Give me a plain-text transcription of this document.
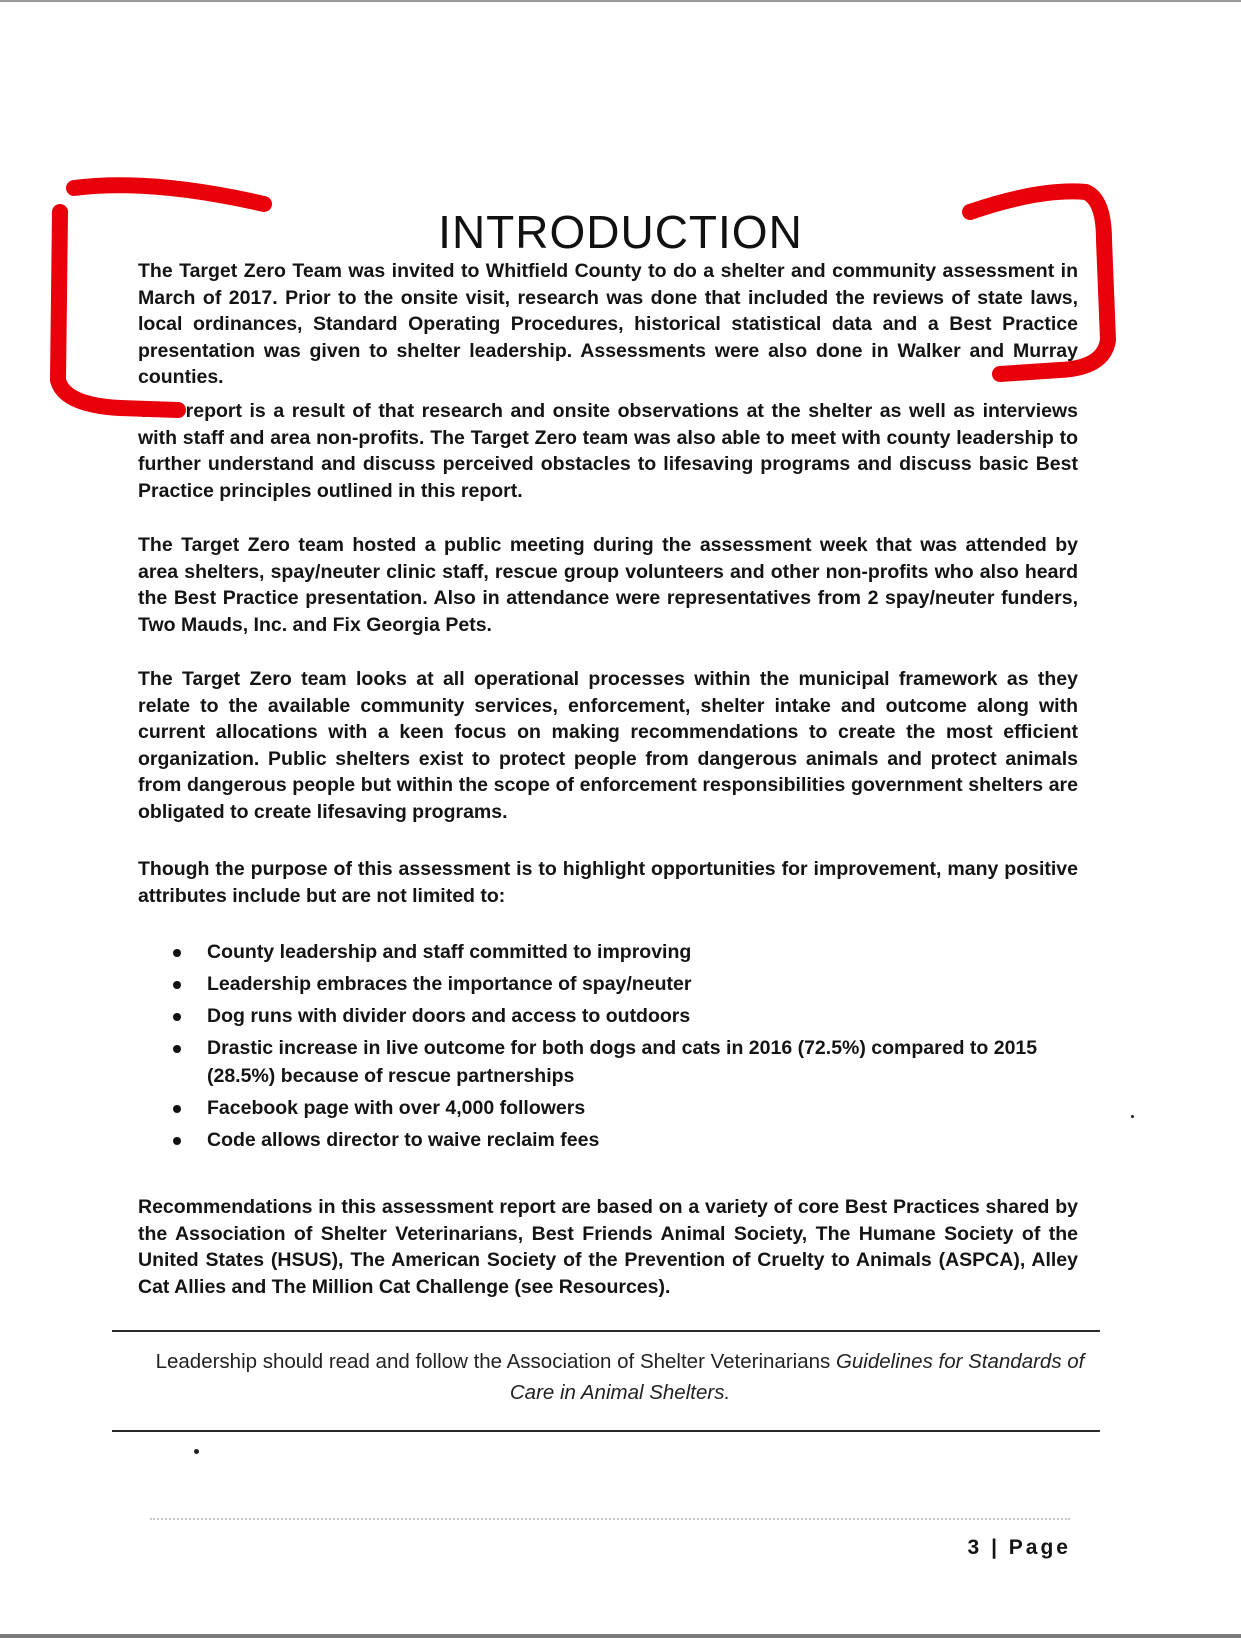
INTRODUCTION

The Target Zero Team was invited to Whitfield County to do a shelter and community assessment in March of 2017. Prior to the onsite visit, research was done that included the reviews of state laws, local ordinances, Standard Operating Procedures, historical statistical data and a Best Practice presentation was given to shelter leadership. Assessments were also done in Walker and Murray counties.

This report is a result of that research and onsite observations at the shelter as well as interviews with staff and area non-profits. The Target Zero team was also able to meet with county leadership to further understand and discuss perceived obstacles to lifesaving programs and discuss basic Best Practice principles outlined in this report.

The Target Zero team hosted a public meeting during the assessment week that was attended by area shelters, spay/neuter clinic staff, rescue group volunteers and other non-profits who also heard the Best Practice presentation. Also in attendance were representatives from 2 spay/neuter funders, Two Mauds, Inc. and Fix Georgia Pets.

The Target Zero team looks at all operational processes within the municipal framework as they relate to the available community services, enforcement, shelter intake and outcome along with current allocations with a keen focus on making recommendations to create the most efficient organization. Public shelters exist to protect people from dangerous animals and protect animals from dangerous people but within the scope of enforcement responsibilities government shelters are obligated to create lifesaving programs.

Though the purpose of this assessment is to highlight opportunities for improvement, many positive attributes include but are not limited to:

County leadership and staff committed to improving
Leadership embraces the importance of spay/neuter
Dog runs with divider doors and access to outdoors
Drastic increase in live outcome for both dogs and cats in 2016 (72.5%) compared to 2015 (28.5%) because of rescue partnerships
Facebook page with over 4,000 followers
Code allows director to waive reclaim fees

Recommendations in this assessment report are based on a variety of core Best Practices shared by the Association of Shelter Veterinarians, Best Friends Animal Society, The Humane Society of the United States (HSUS), The American Society of the Prevention of Cruelty to Animals (ASPCA), Alley Cat Allies and The Million Cat Challenge (see Resources).

Leadership should read and follow the Association of Shelter Veterinarians Guidelines for Standards of Care in Animal Shelters.
3 | Page
